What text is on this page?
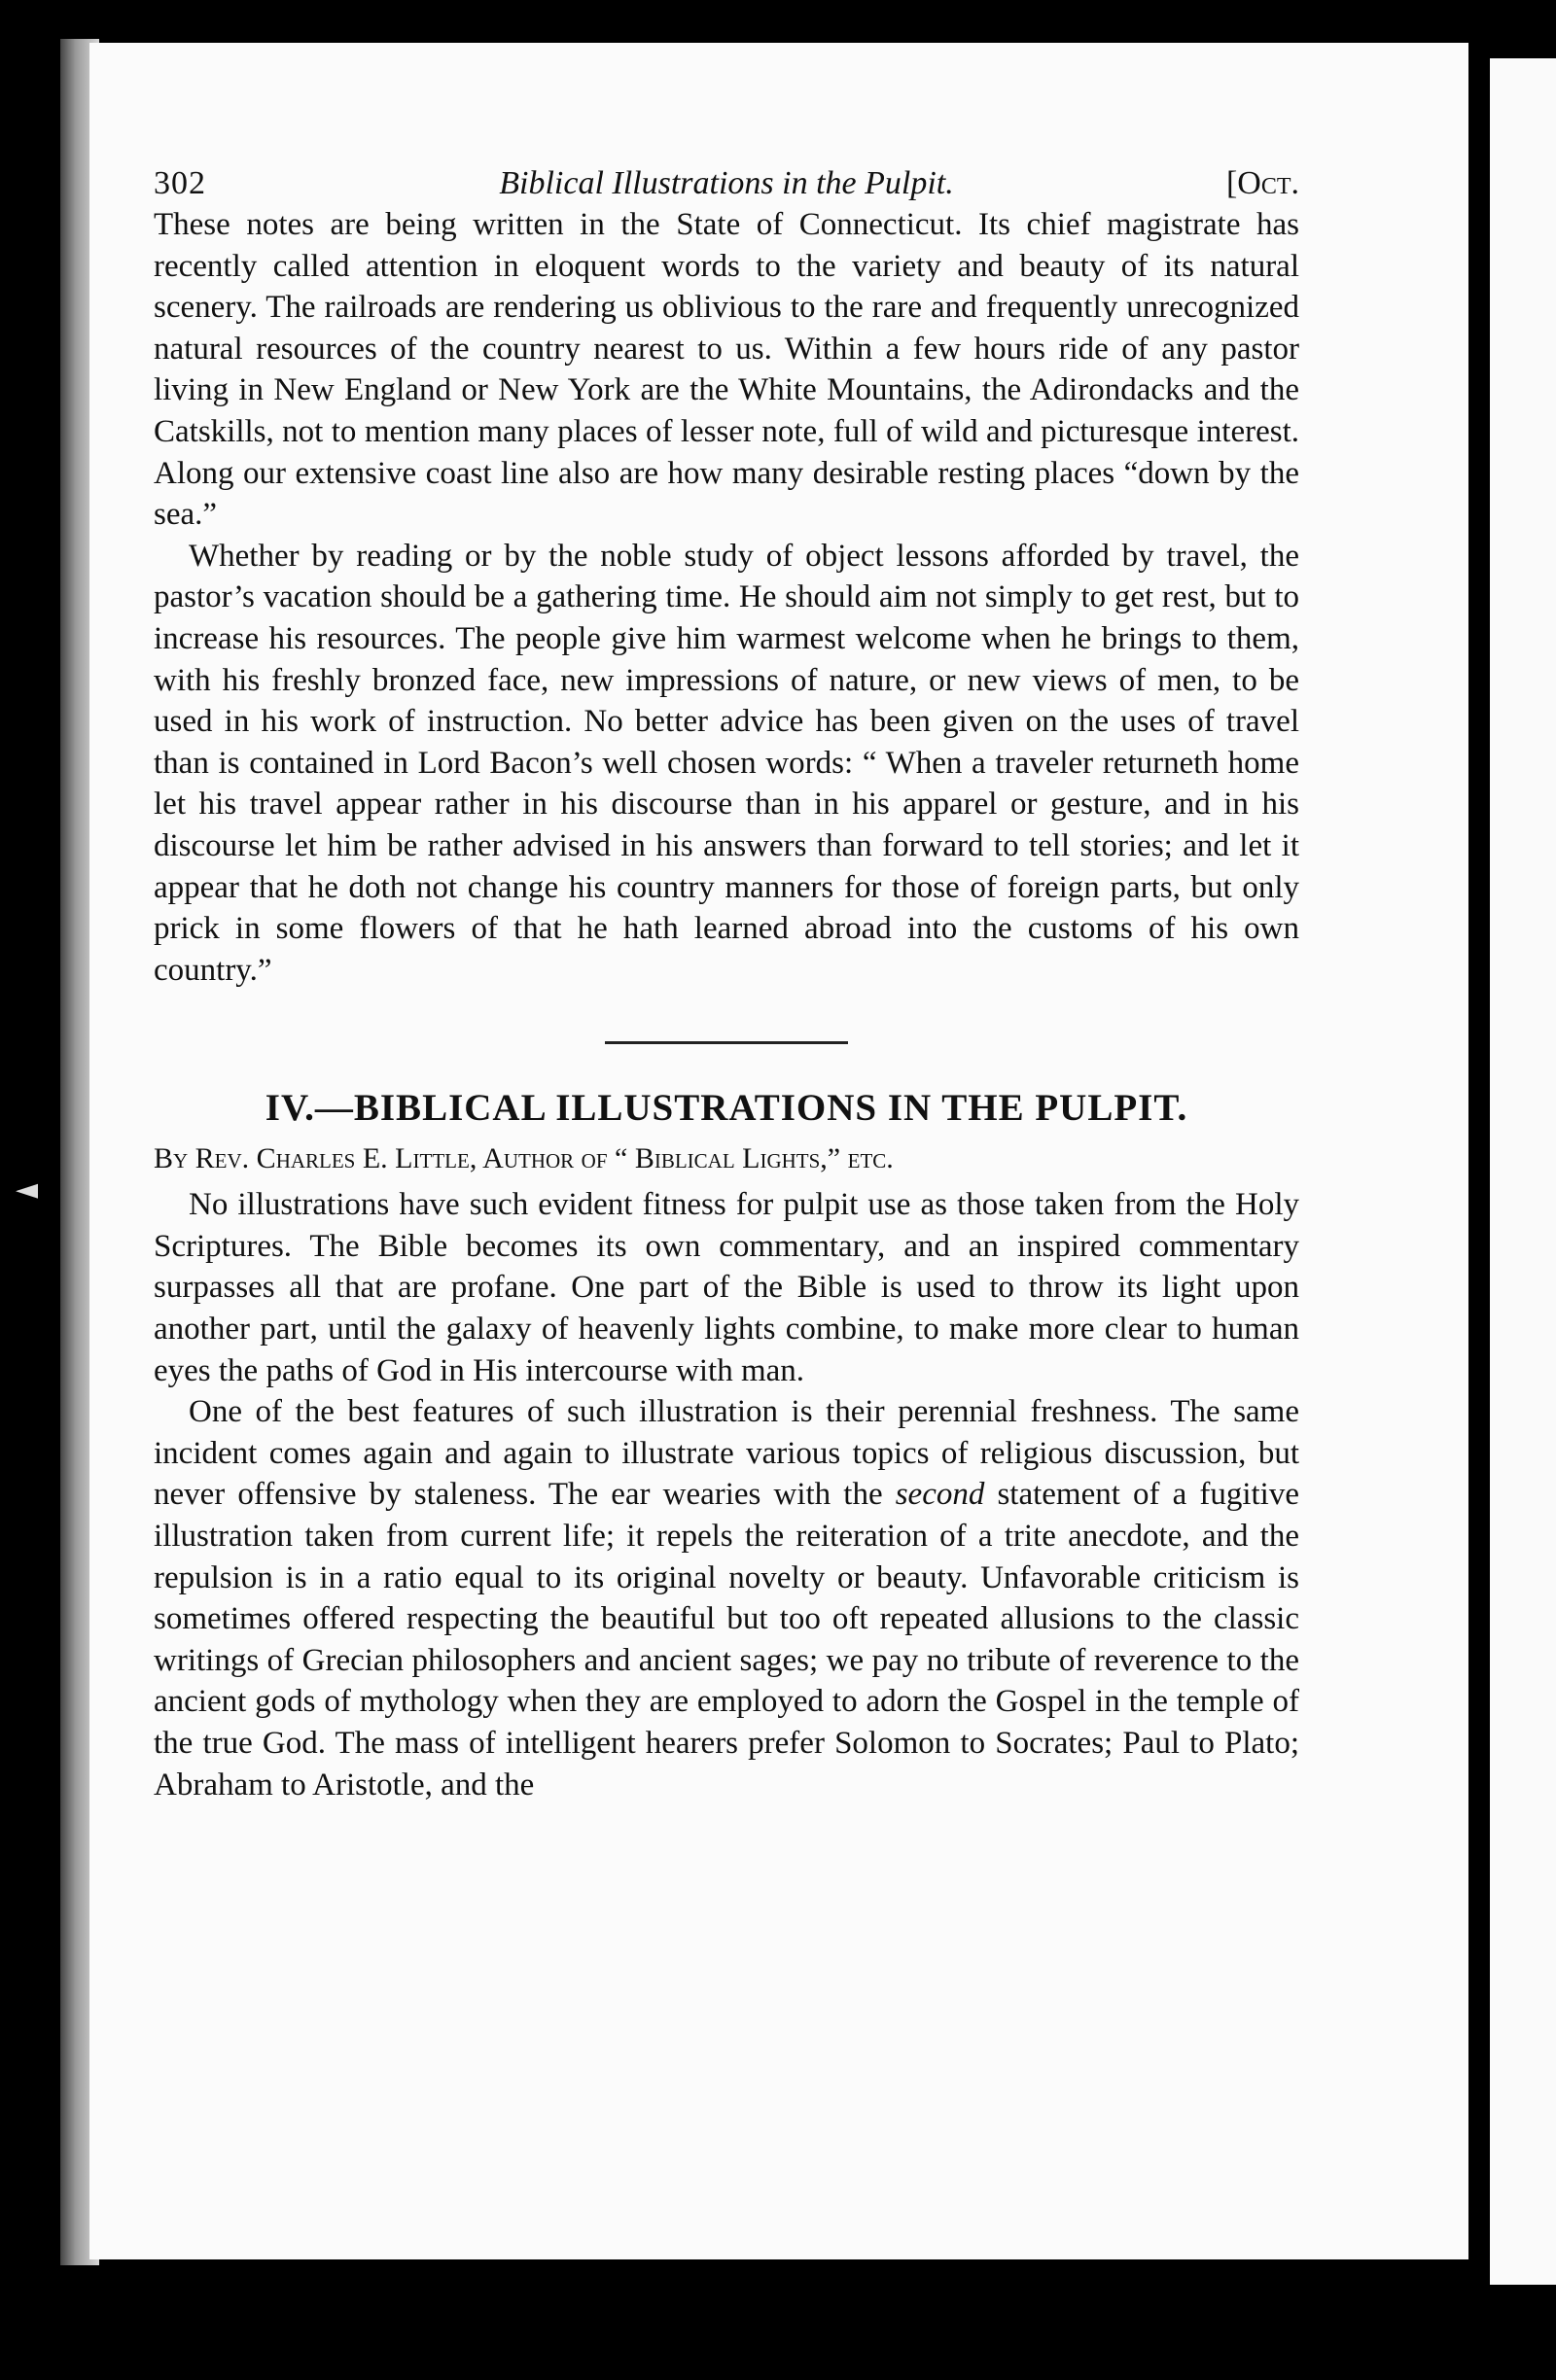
◄
302	Biblical Illustrations in the Pulpit.	[Oct.

These notes are being written in the State of Connecticut. Its chief magistrate has recently called attention in eloquent words to the variety and beauty of its natural scenery. The railroads are rendering us oblivious to the rare and frequently unrecognized natural resources of the country nearest to us. Within a few hours ride of any pastor living in New England or New York are the White Mountains, the Adirondacks and the Catskills, not to mention many places of lesser note, full of wild and picturesque interest. Along our extensive coast line also are how many desirable resting places “down by the sea.”

Whether by reading or by the noble study of object lessons afforded by travel, the pastor’s vacation should be a gathering time. He should aim not simply to get rest, but to increase his resources. The people give him warmest welcome when he brings to them, with his freshly bronzed face, new impressions of nature, or new views of men, to be used in his work of instruction. No better advice has been given on the uses of travel than is contained in Lord Bacon’s well chosen words: “ When a traveler returneth home let his travel appear rather in his discourse than in his apparel or gesture, and in his discourse let him be rather advised in his answers than forward to tell stories; and let it appear that he doth not change his country manners for those of foreign parts, but only prick in some flowers of that he hath learned abroad into the customs of his own country.”

IV.—BIBLICAL ILLUSTRATIONS IN THE PULPIT.
By Rev. Charles E. Little, Author of “ Biblical Lights,” etc.

No illustrations have such evident fitness for pulpit use as those taken from the Holy Scriptures. The Bible becomes its own commentary, and an inspired commentary surpasses all that are profane. One part of the Bible is used to throw its light upon another part, until the galaxy of heavenly lights combine, to make more clear to human eyes the paths of God in His intercourse with man.

One of the best features of such illustration is their perennial freshness. The same incident comes again and again to illustrate various topics of religious discussion, but never offensive by staleness. The ear wearies with the second statement of a fugitive illustration taken from current life; it repels the reiteration of a trite anecdote, and the repulsion is in a ratio equal to its original novelty or beauty. Unfavorable criticism is sometimes offered respecting the beautiful but too oft repeated allusions to the classic writings of Grecian philosophers and ancient sages; we pay no tribute of reverence to the ancient gods of mythology when they are employed to adorn the Gospel in the temple of the true God. The mass of intelligent hearers prefer Solomon to Socrates; Paul to Plato; Abraham to Aristotle, and the
